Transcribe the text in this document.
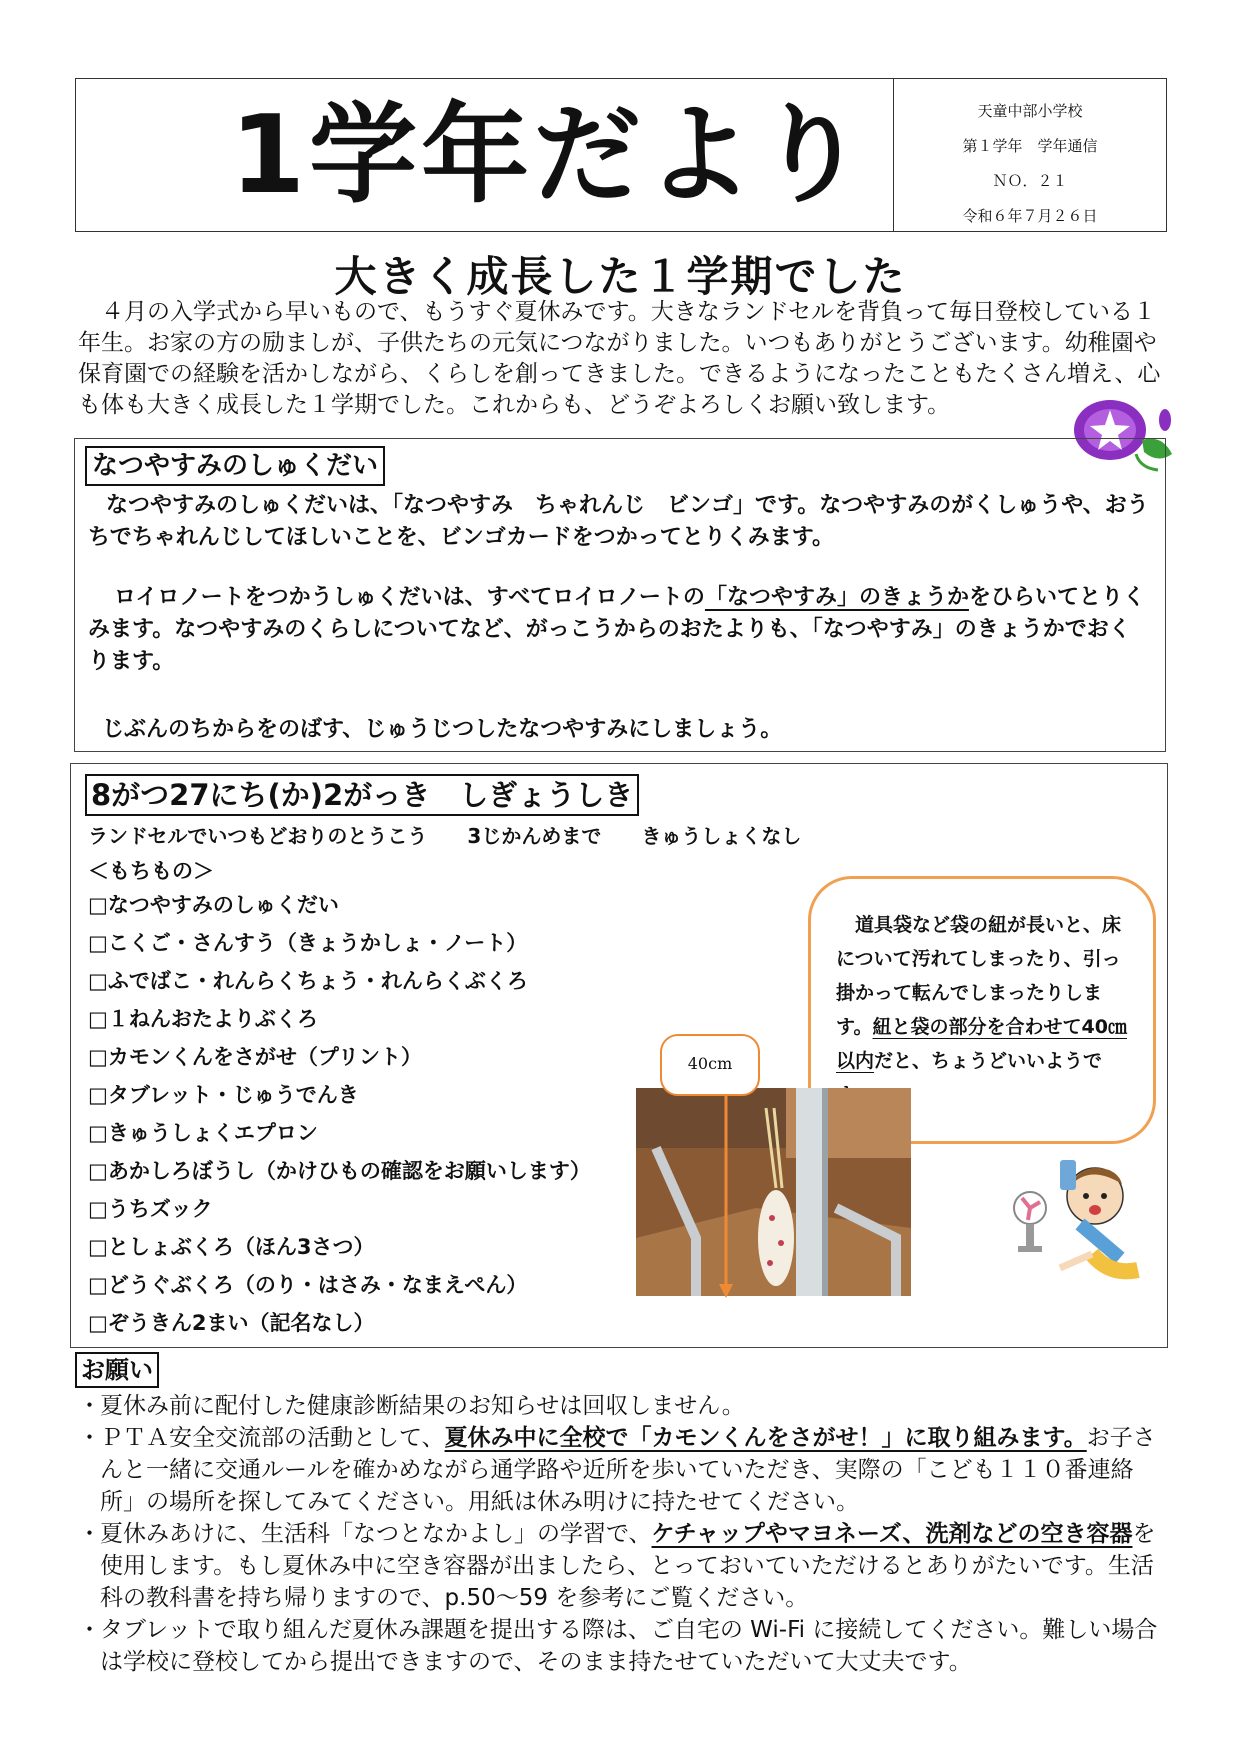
1学年だより	天童中部小学校
第１学年　学年通信
ＮＯ．２１
令和６年７月２６日
大きく成長した１学期でした
　４月の入学式から早いもので、もうすぐ夏休みです。大きなランドセルを背負って毎日登校している１年生。お家の方の励ましが、子供たちの元気につながりました。いつもありがとうございます。幼稚園や保育園での経験を活かしながら、くらしを創ってきました。できるようになったこともたくさん増え、心も体も大きく成長した１学期でした。これからも、どうぞよろしくお願い致します。
なつやすみのしゅくだい
なつやすみのしゅくだいは、「なつやすみ　ちゃれんじ　ビンゴ」です。なつやすみのがくしゅうや、おうちでちゃれんじしてほしいことを、ビンゴカードをつかってとりくみます。
ロイロノートをつかうしゅくだいは、すべてロイロノートの「なつやすみ」のきょうかをひらいてとりくみます。なつやすみのくらしについてなど、がっこうからのおたよりも、「なつやすみ」のきょうかでおくります。
じぶんのちからをのばす、じゅうじつしたなつやすみにしましょう。
8がつ27にち(か)2がっき　しぎょうしき
ランドセルでいつもどおりのとうこう　　3じかんめまで　　きゅうしょくなし
＜もちもの＞
□なつやすみのしゅくだい
□こくご・さんすう（きょうかしょ・ノート）
□ふでばこ・れんらくちょう・れんらくぶくろ
□１ねんおたよりぶくろ
□カモンくんをさがせ（プリント）
□タブレット・じゅうでんき
□きゅうしょくエプロン
□あかしろぼうし（かけひもの確認をお願いします）
□うちズック
□としょぶくろ（ほん3さつ）
□どうぐぶくろ（のり・はさみ・なまえぺん）
□ぞうきん2まい（記名なし）
　道具袋など袋の紐が長いと、床について汚れてしまったり、引っ掛かって転んでしまったりします。紐と袋の部分を合わせて40㎝以内だと、ちょうどいいようで
40cm
お願い
・ 夏休み前に配付した健康診断結果のお知らせは回収しません。
・ ＰＴＡ安全交流部の活動として、夏休み中に全校で「カモンくんをさがせ！」に取り組みます。お子さんと一緒に交通ルールを確かめながら通学路や近所を歩いていただき、実際の「こども１１０番連絡所」の場所を探してみてください。用紙は休み明けに持たせてください。
・ 夏休みあけに、生活科「なつとなかよし」の学習で、ケチャップやマヨネーズ、洗剤などの空き容器を使用します。もし夏休み中に空き容器が出ましたら、とっておいていただけるとありがたいです。生活科の教科書を持ち帰りますので、p.50～59 を参考にご覧ください。
・ タブレットで取り組んだ夏休み課題を提出する際は、ご自宅の Wi-Fi に接続してください。難しい場合は学校に登校してから提出できますので、そのまま持たせていただいて大丈夫です。
